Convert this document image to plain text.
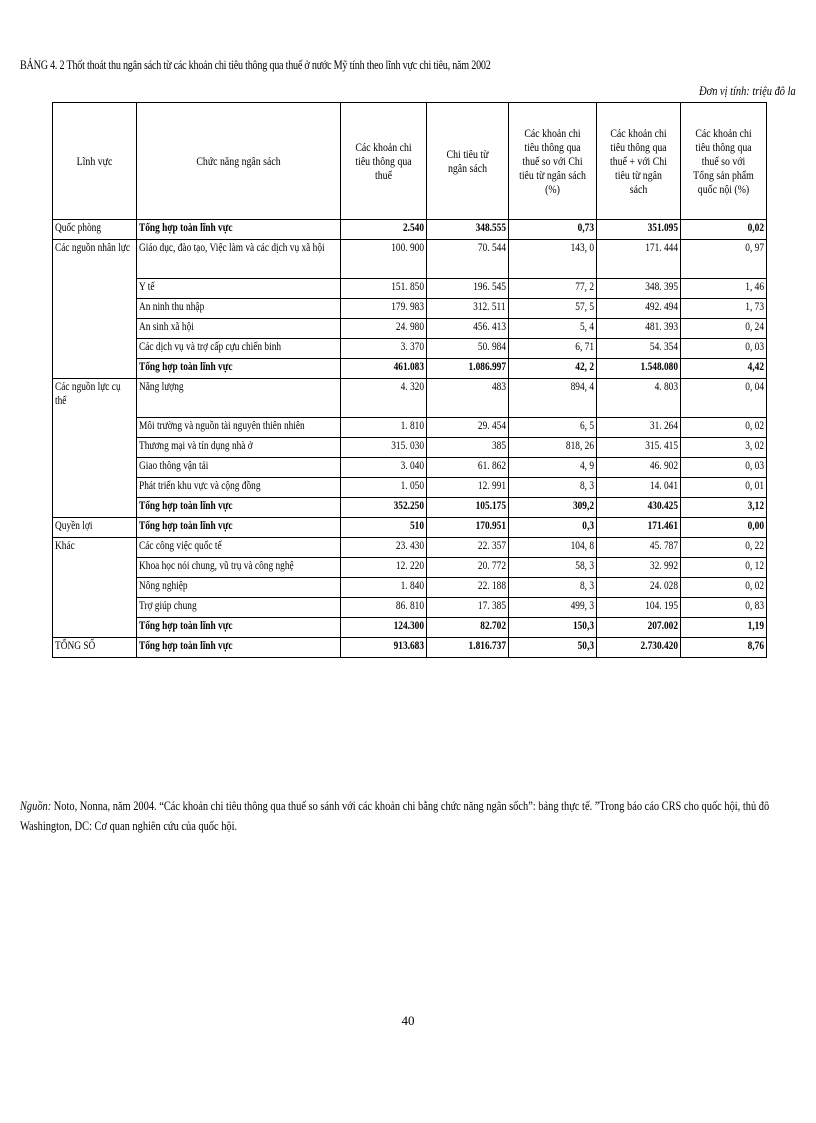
BẢNG 4. 2 Thốt thoát thu ngân sách từ các khoản chi tiêu thông qua thuế ở nước Mỹ tính theo lĩnh vực chi tiêu, năm 2002
Đơn vị tính: triệu đô la
Lĩnh vực	Chức năng ngân sách	Các khoản chi tiêu thông qua thuế	Chi tiêu từ ngân sách	Các khoản chi tiêu thông qua thuế so với Chi tiêu từ ngân sách (%)	Các khoản chi tiêu thông qua thuế + với Chi tiêu từ ngân sách	Các khoản chi tiêu thông qua thuế so với Tổng sản phẩm quốc nội (%)

Quốc phòng	Tổng hợp toàn lĩnh vực	2.540	348.555	0,73	351.095	0,02

Các nguồn nhân lực	Giáo dục, đào tạo, Việc làm và các dịch vụ xã hội	100. 900	70. 544	143, 0	171. 444	0, 97
	Y tế	151. 850	196. 545	77, 2	348. 395	1, 46
	An ninh thu nhập	179. 983	312. 511	57, 5	492. 494	1, 73
	An sinh xã hội	24. 980	456. 413	5, 4	481. 393	0, 24
	Các dịch vụ và trợ cấp cựu chiến binh	3. 370	50. 984	6, 71	54. 354	0, 03
	Tổng hợp toàn lĩnh vực	461.083	1.086.997	42, 2	1.548.080	4,42

Các nguồn lực cụ thể	Năng lượng	4. 320	483	894, 4	4. 803	0, 04
	Môi trường và nguồn tài nguyên thiên nhiên	1. 810	29. 454	6, 5	31. 264	0, 02
	Thương mại và tín dụng nhà ở	315. 030	385	818, 26	315. 415	3, 02
	Giao thông vận tải	3. 040	61. 862	4, 9	46. 902	0, 03
	Phát triển khu vực và cộng đồng	1. 050	12. 991	8, 3	14. 041	0, 01
	Tổng hợp toàn lĩnh vực	352.250	105.175	309,2	430.425	3,12
Quyền lợi	Tổng hợp toàn lĩnh vực	510	170.951	0,3	171.461	0,00
Khác	Các công việc quốc tế	23. 430	22. 357	104, 8	45. 787	0, 22
	Khoa học nói chung, vũ trụ và công nghệ	12. 220	20. 772	58, 3	32. 992	0, 12
	Nông nghiệp	1. 840	22. 188	8, 3	24. 028	0, 02
	Trợ giúp chung	86. 810	17. 385	499, 3	104. 195	0, 83
	Tổng hợp toàn lĩnh vực	124.300	82.702	150,3	207.002	1,19
TỔNG SỐ	Tổng hợp toàn lĩnh vực	913.683	1.816.737	50,3	2.730.420	8,76
Nguồn: Noto, Nonna, năm 2004. “Các khoản chi tiêu thông qua thuế so sánh với các khoản chi bằng chức năng ngân sốch”: bảng thực tế. ”Trong báo cáo CRS cho quốc hội, thủ đô Washington, DC: Cơ quan nghiên cứu của quốc hội.
40
